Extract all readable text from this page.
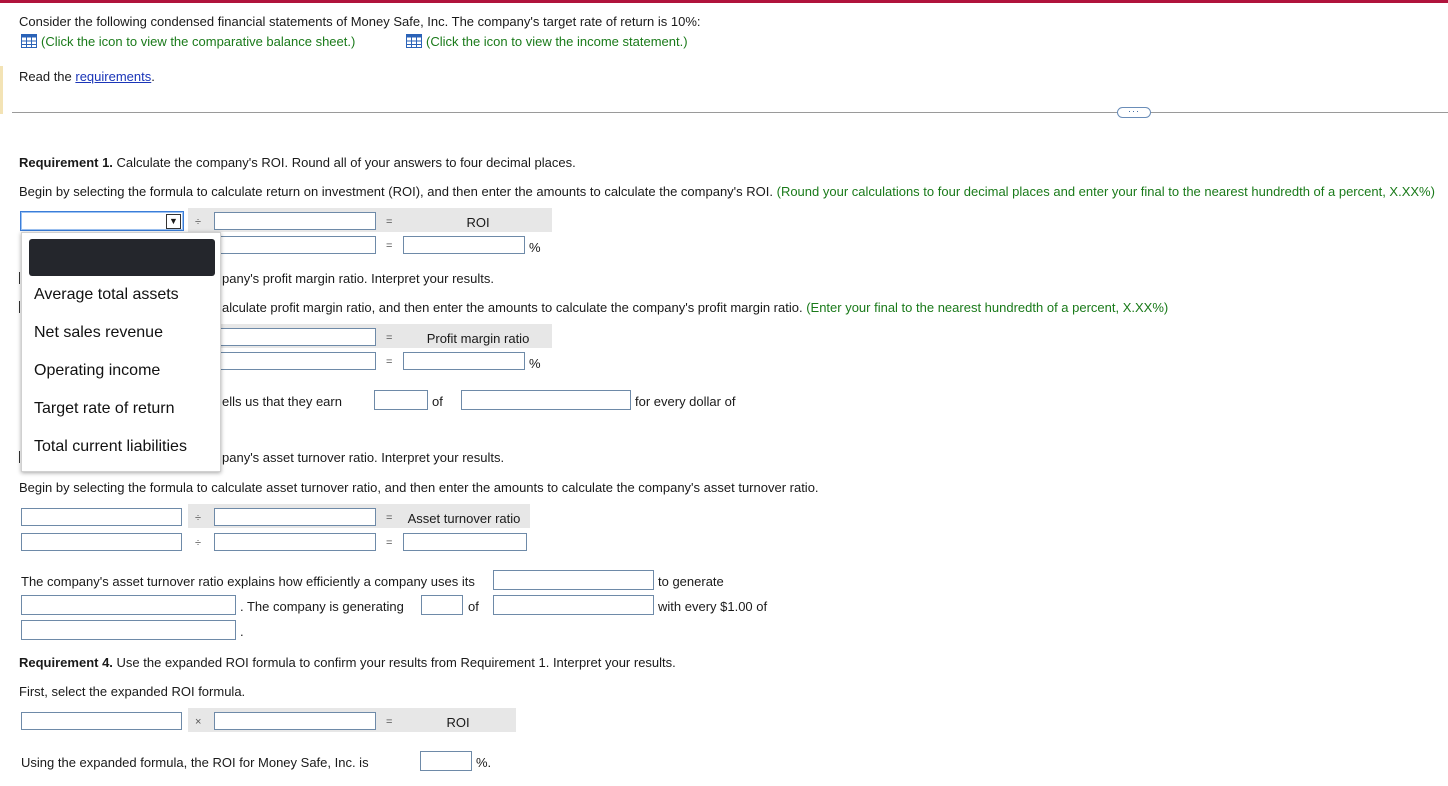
Consider the following condensed financial statements of Money Safe, Inc. The company's target rate of return is 10%:
(Click the icon to view the comparative balance sheet.)	(Click the icon to view the income statement.)
Read the requirements.
···
Requirement 1. Calculate the company's ROI. Round all of your answers to four decimal places.
Begin by selecting the formula to calculate return on investment (ROI), and then enter the amounts to calculate the company's ROI. (Round your calculations to four decimal places and enter your final to the nearest hundredth of a percent, X.XX%)
▼ ÷	=	ROI
=	%
pany's profit margin ratio. Interpret your results.
alculate profit margin ratio, and then enter the amounts to calculate the company's profit margin ratio. (Enter your final to the nearest hundredth of a percent, X.XX%)
=	Profit margin ratio
=	%
ells us that they earn	of	for every dollar of
pany's asset turnover ratio. Interpret your results.
Begin by selecting the formula to calculate asset turnover ratio, and then enter the amounts to calculate the company's asset turnover ratio.
÷	=	Asset turnover ratio
÷	=
The company's asset turnover ratio explains how efficiently a company uses its	to generate
. The company is generating	of	with every $1.00 of
.
Requirement 4. Use the expanded ROI formula to confirm your results from Requirement 1. Interpret your results.
First, select the expanded ROI formula.
×	=	ROI
Using the expanded formula, the ROI for Money Safe, Inc. is	%.
Average total assets
Net sales revenue
Operating income
Target rate of return
Total current liabilities
